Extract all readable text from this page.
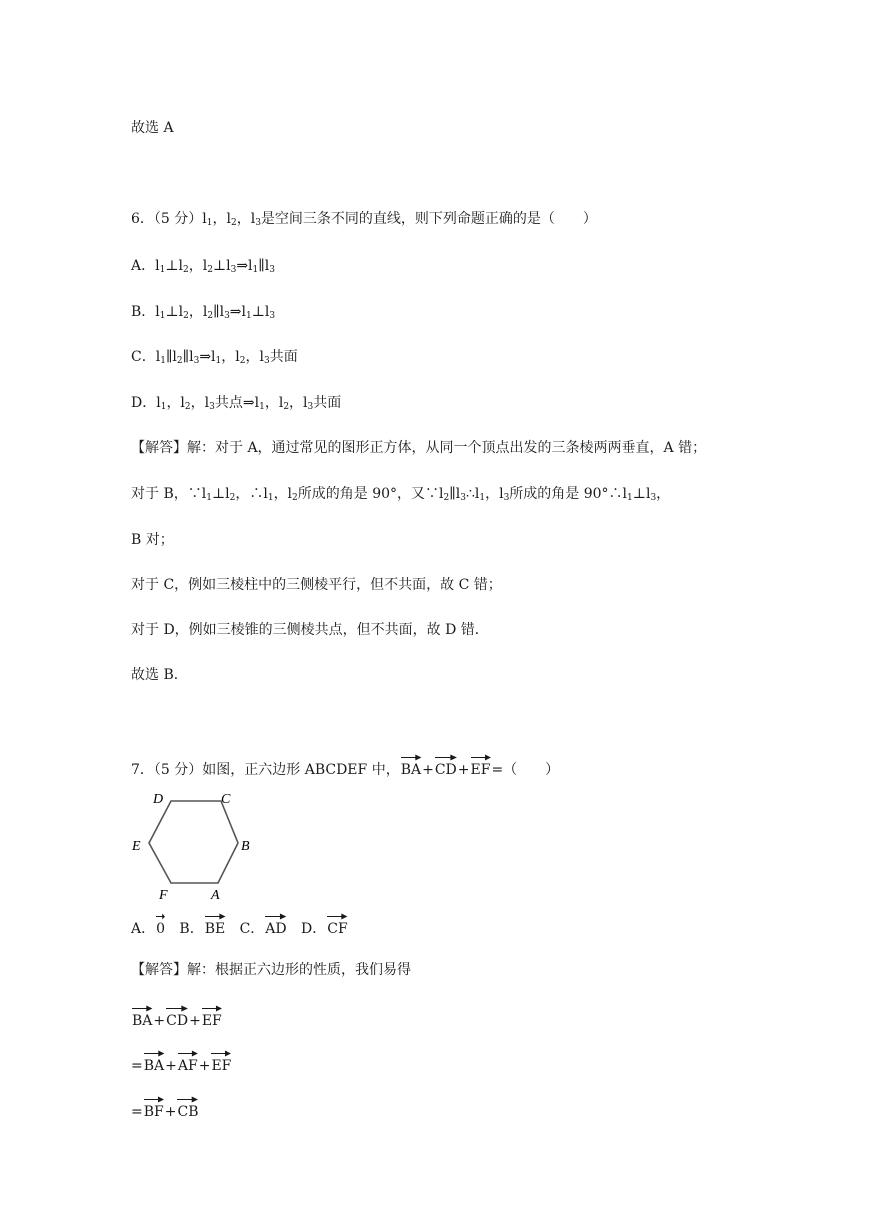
故选 A
6．（5 分）$l_1$，$l_2$，$l_3$是空间三条不同的直线，则下列命题正确的是（　　）
A．$l_1\perp l_2$，$l_2\perp l_3\Rightarrow l_1\parallel l_3$
B．$l_1\perp l_2$，$l_2\parallel l_3\Rightarrow l_1\perp l_3$
C．$l_1\parallel l_2\parallel l_3\Rightarrow l_1$，$l_2$，$l_3$共面
D．$l_1$，$l_2$，$l_3$共点$\Rightarrow l_1$，$l_2$，$l_3$共面
【解答】解：对于 A，通过常见的图形正方体，从同一个顶点出发的三条棱两两垂直，A 错；
对于 B，$\because l_1\perp l_2$，$\therefore l_1$，$l_2$所成的角是 90°，又$\because l_2\parallel l_3\therefore l_1$，$l_3$所成的角是 $90^\circ\therefore l_1\perp l_3$，
B 对；
对于 C，例如三棱柱中的三侧棱平行，但不共面，故 C 错；
对于 D，例如三棱锥的三侧棱共点，但不共面，故 D 错．
故选 B．
7．（5 分）如图，正六边形 ABCDEF 中，
BA+
CD+
EF=（　　）
D	C
E	B
F	A
A．
0 B．
BE C．
AD D．
CF
【解答】解：根据正六边形的性质，我们易得
BA+
CD+
EF
=
BA+
AF+
EF
=
BF+
CB
